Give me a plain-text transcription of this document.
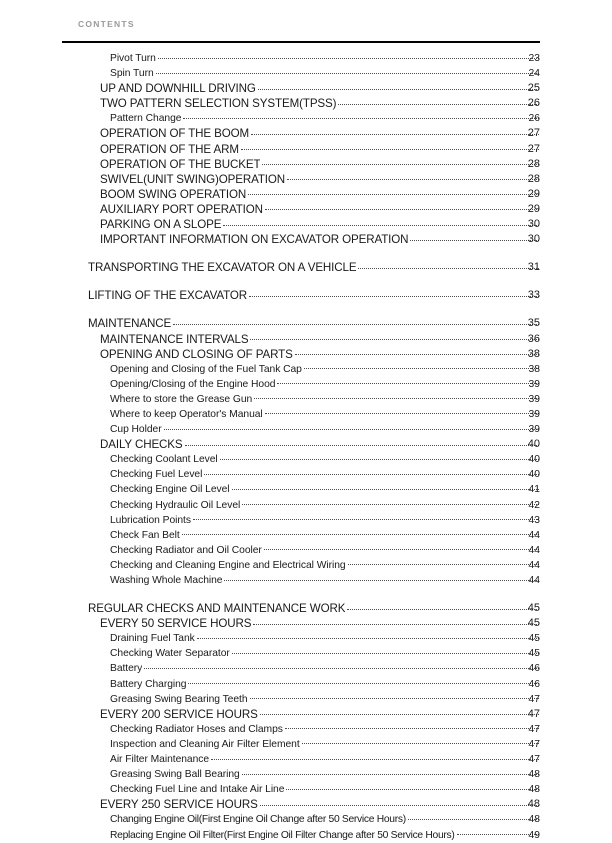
CONTENTS
Pivot Turn	23
Spin Turn	24
UP AND DOWNHILL DRIVING	25
TWO PATTERN SELECTION SYSTEM(TPSS)	26
Pattern Change	26
OPERATION OF THE BOOM	27
OPERATION OF THE ARM	27
OPERATION OF THE BUCKET	28
SWIVEL(UNIT SWING)OPERATION	28
BOOM SWING OPERATION	29
AUXILIARY PORT OPERATION	29
PARKING ON A SLOPE	30
IMPORTANT INFORMATION ON EXCAVATOR OPERATION	30
TRANSPORTING THE EXCAVATOR ON A VEHICLE	31
LIFTING OF THE EXCAVATOR	33
MAINTENANCE	35
MAINTENANCE INTERVALS	36
OPENING AND CLOSING OF PARTS	38
Opening and Closing of the Fuel Tank Cap	38
Opening/Closing of the Engine Hood	39
Where to store the Grease Gun	39
Where to keep Operator's Manual	39
Cup Holder	39
DAILY CHECKS	40
Checking Coolant Level	40
Checking Fuel Level	40
Checking Engine Oil Level	41
Checking Hydraulic Oil Level	42
Lubrication Points	43
Check Fan Belt	44
Checking Radiator and Oil Cooler	44
Checking and Cleaning Engine and Electrical Wiring	44
Washing Whole Machine	44
REGULAR CHECKS AND MAINTENANCE WORK	45
EVERY 50 SERVICE HOURS	45
Draining Fuel Tank	45
Checking Water Separator	45
Battery	46
Battery Charging	46
Greasing Swing Bearing Teeth	47
EVERY 200 SERVICE HOURS	47
Checking Radiator Hoses and Clamps	47
Inspection and Cleaning Air Filter Element	47
Air Filter Maintenance	47
Greasing Swing Ball Bearing	48
Checking Fuel Line and Intake Air Line	48
EVERY 250 SERVICE HOURS	48
Changing Engine Oil(First Engine Oil Change after 50 Service Hours)	48
Replacing Engine Oil Filter(First Engine Oil Filter Change after 50 Service Hours)	49
